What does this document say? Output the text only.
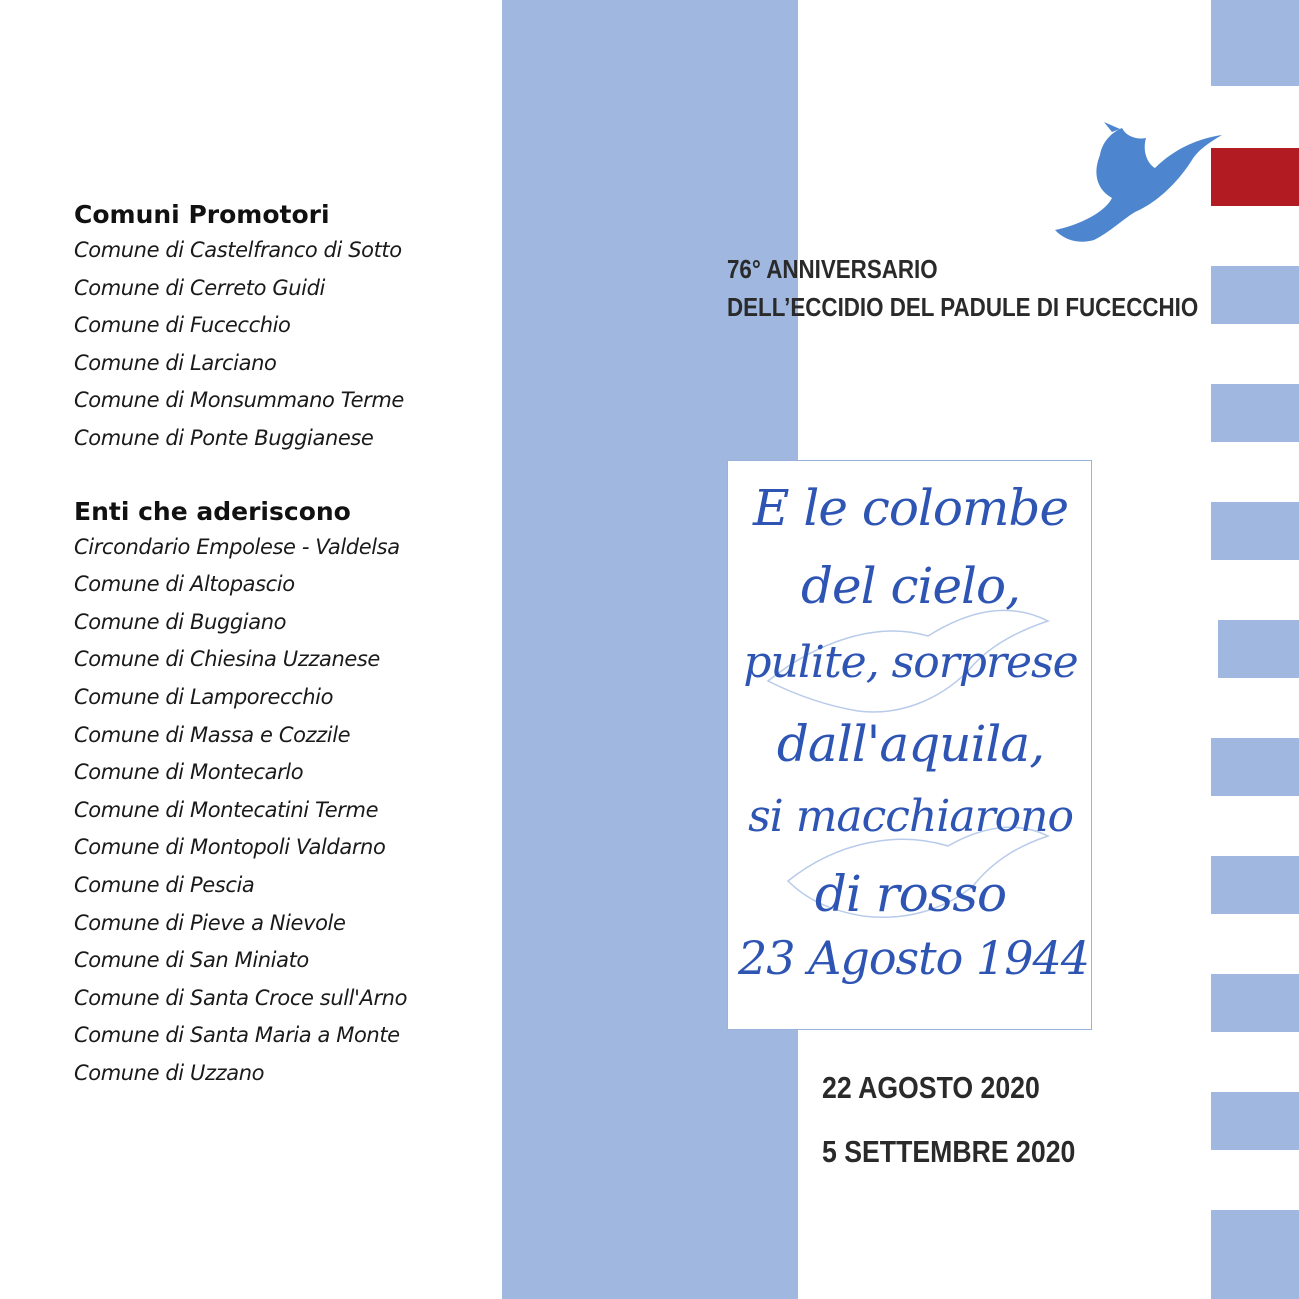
76° ANNIVERSARIO
DELL’ECCIDIO DEL PADULE DI FUCECCHIO
E le colombe
del cielo,
pulite, sorprese
dall'aquila,
si macchiarono
di rosso
23 Agosto 1944
22 AGOSTO 2020
5 SETTEMBRE 2020
Comuni Promotori
Comune di Castelfranco di Sotto
Comune di Cerreto Guidi
Comune di Fucecchio
Comune di Larciano
Comune di Monsummano Terme
Comune di Ponte Buggianese
Enti che aderiscono
Circondario Empolese - Valdelsa
Comune di Altopascio
Comune di Buggiano
Comune di Chiesina Uzzanese
Comune di Lamporecchio
Comune di Massa e Cozzile
Comune di Montecarlo
Comune di Montecatini Terme
Comune di Montopoli Valdarno
Comune di Pescia
Comune di Pieve a Nievole
Comune di San Miniato
Comune di Santa Croce sull'Arno
Comune di Santa Maria a Monte
Comune di Uzzano
